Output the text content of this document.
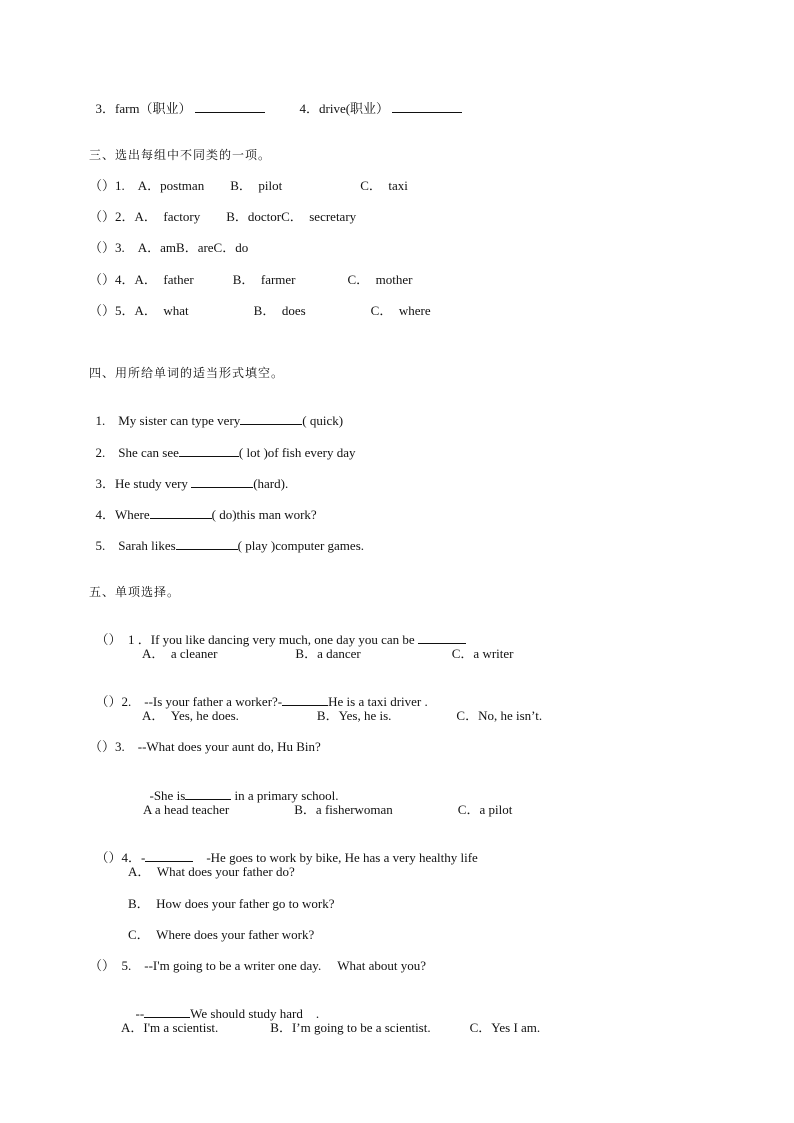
3．farm（职业）	4．drive(职业）

三、选出每组中不同类的一项。
（）1.　A．postman　　B．　pilot　　　　　　C．　taxi
（）2．A．　factory　　B．doctorC．　secretary
（）3.　A．amB．areC．do
（）4．A．　father　　　B．　farmer　　　　C．　mother
（）5．A．　what　　　　　B．　does　　　　　C．　where
四、用所给单词的适当形式填空。

1.　My sister can type very	( quick)

2.　She can see	( lot )of fish every day

3．He study very	(hard).

4．Where	( do)this man work?

5.　Sarah likes	( play )computer games.

五、单项选择。

（）　1 ．If you like dancing very much, one day you can be

A．　a cleaner　　　　　　B．a dancer　　　　　　　C．a writer

（）2.　--Is your father a worker?-	He is a taxi driver .

A．　Yes, he does.　　　　　　B．Yes, he is.　　　　　C．No, he isn’t.
（）3.　--What does your aunt do, Hu Bin?

-She is	in a primary school.

A a head teacher　　　　　B．a fisherwoman　　　　　C．a pilot

（）4．-	　-He goes to work by bike, He has a very healthy life

A．　What does your father do?
B．　How does your father go to work?
C．　Where does your father work?
（）　5.　--I'm going to be a writer one day.　 What about you?

--	We should study hard　.

A．I'm a scientist.　　　　B．I’m going to be a scientist.　　　C．Yes I am.
